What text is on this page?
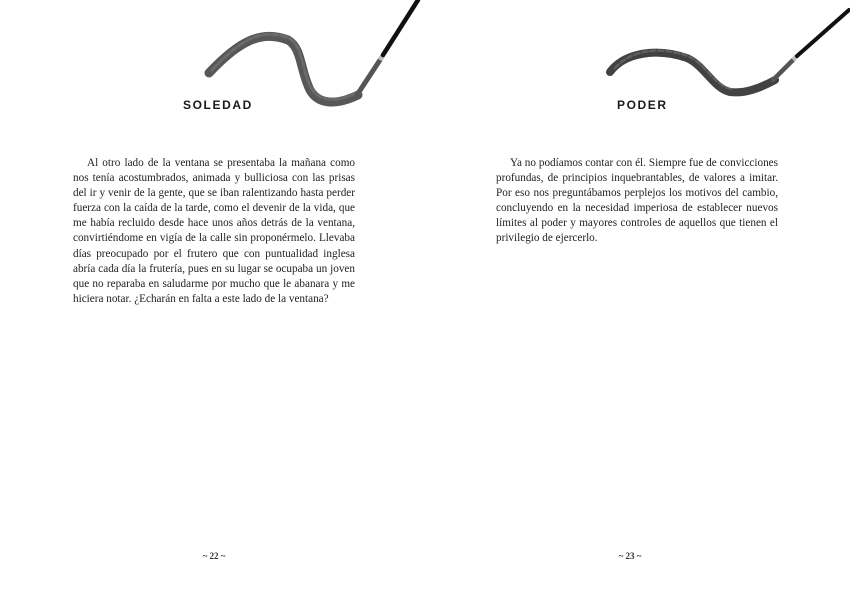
SOLEDAD

Al otro lado de la ventana se presentaba la mañana como nos tenía acostumbrados, animada y bulliciosa con las prisas del ir y venir de la gente, que se iban ralentizando hasta perder fuerza con la caída de la tarde, como el devenir de la vida, que me había recluido desde hace unos años detrás de la ventana, convirtiéndome en vigía de la calle sin proponérmelo. Llevaba días preocupado por el frutero que con puntualidad inglesa abría cada día la frutería, pues en su lugar se ocupaba un joven que no reparaba en saludarme por mucho que le abanara y me hiciera notar. ¿Echarán en falta a este lado de la ventana?

~ 22 ~
PODER

Ya no podíamos contar con él. Siempre fue de convicciones profundas, de principios inquebrantables, de valores a imitar. Por eso nos preguntábamos perplejos los motivos del cambio, concluyendo en la necesidad imperiosa de establecer nuevos límites al poder y mayores controles de aquellos que tienen el privilegio de ejercerlo.

~ 23 ~
